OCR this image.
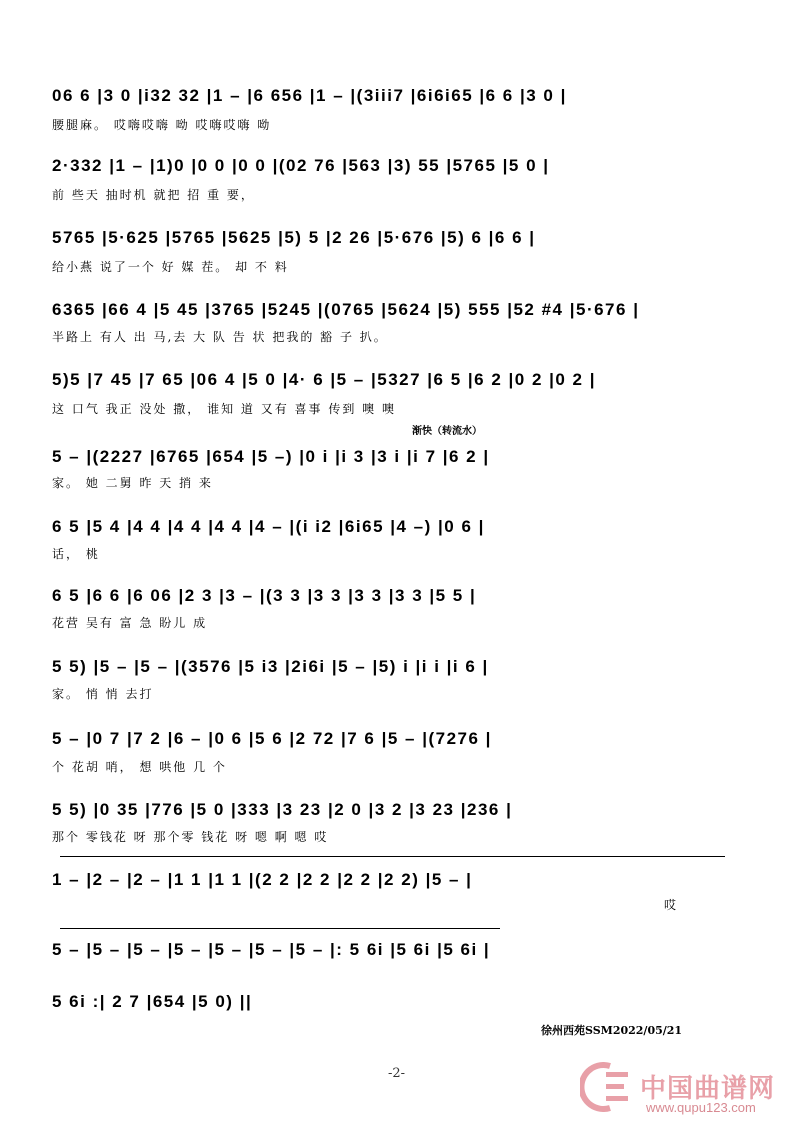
06 6 |3 0 |i32 32 |1 – |6 656 |1 – |(3iii7 |6i6i65 |6 6 |3 0 |
腰腿麻。 哎嗨哎嗨 呦 哎嗨哎嗨 呦
2·332 |1 – |1)0 |0 0 |0 0 |(02 76 |563 |3) 55 |5765 |5 0 |
前 些天 抽时机 就把 招 重 要，
5765 |5·625 |5765 |5625 |5) 5 |2 26 |5·676 |5) 6 |6 6 |
给小燕 说了一个 好 媒 茬。 却 不 料
6365 |66 4 |5 45 |3765 |5245 |(0765 |5624 |5) 555 |52 #4 |5·676 |
半路上 有人 出 马,去 大 队 告 状 把我的 豁 子 扒。
5)5 |7 45 |7 65 |06 4 |5 0 |4· 6 |5 – |5327 |6 5 |6 2 |0 2 |0 2 |
这 口气 我正 没处 撒， 谁知 道 又有 喜事 传到 噢 噢
渐快（转流水）
5 – |(2227 |6765 |654 |5 –) |0 i |i 3 |3 i |i 7 |6 2 |
家。 她 二舅 昨 天 捎 来
6 5 |5 4 |4 4 |4 4 |4 4 |4 – |(i i2 |6i65 |4 –) |0 6 |
话， 桃
6 5 |6 6 |6 06 |2 3 |3 – |(3 3 |3 3 |3 3 |3 3 |5 5 |
花营 吴有 富 急 盼儿 成
5 5) |5 – |5 – |(3576 |5 i3 |2i6i |5 – |5) i |i i |i 6 |
家。 悄 悄 去打
5 – |0 7 |7 2 |6 – |0 6 |5 6 |2 72 |7 6 |5 – |(7276 |
个 花胡 哨， 想 哄他 几 个
5 5) |0 35 |776 |5 0 |333 |3 23 |2 0 |3 2 |3 23 |236 |
那个 零钱花 呀 那个零 钱花 呀 嗯 啊 嗯 哎
1 – |2 – |2 – |1 1 |1 1 |(2 2 |2 2 |2 2 |2 2) |5 – |
哎
5 – |5 – |5 – |5 – |5 – |5 – |5 – |: 5 6i |5 6i |5 6i |
5 6i :| 2 7 |654 |5 0) ||
徐州西苑SSM2022/05/21
-2-
中国曲谱网
www.qupu123.com
